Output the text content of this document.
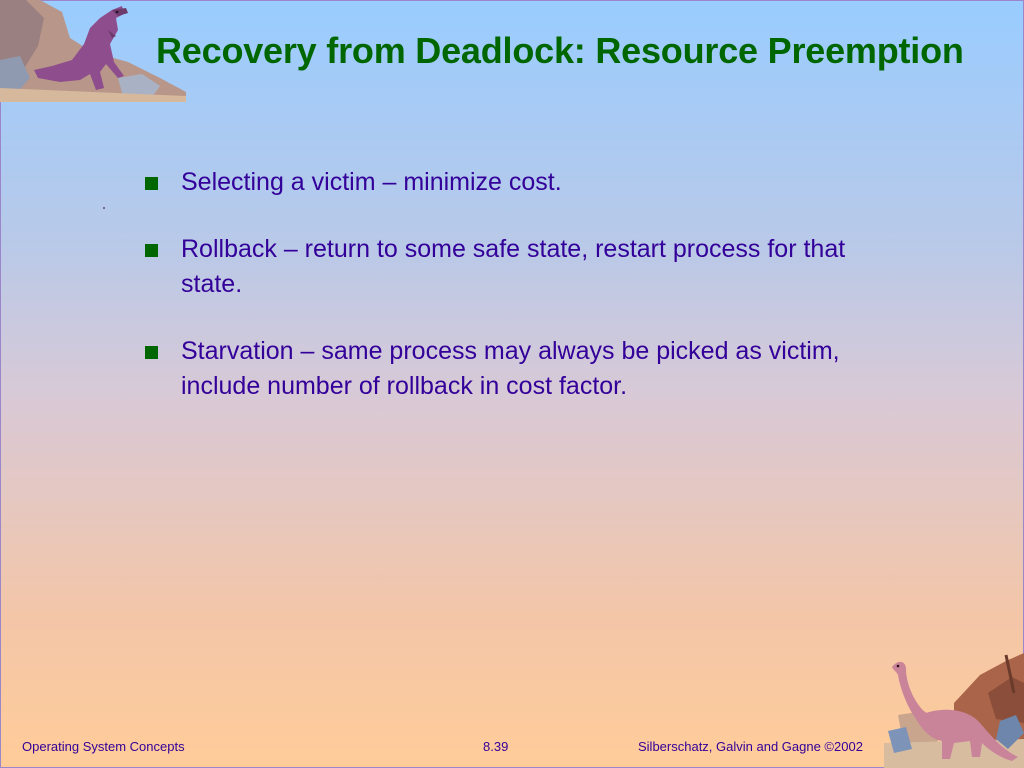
Recovery from Deadlock: Resource Preemption
Selecting a victim – minimize cost.
Rollback – return to some safe state, restart process for that state.
Starvation – same process may always be picked as victim, include number of rollback in cost factor.
Operating System Concepts	8.39	Silberschatz, Galvin and Gagne ©2002
